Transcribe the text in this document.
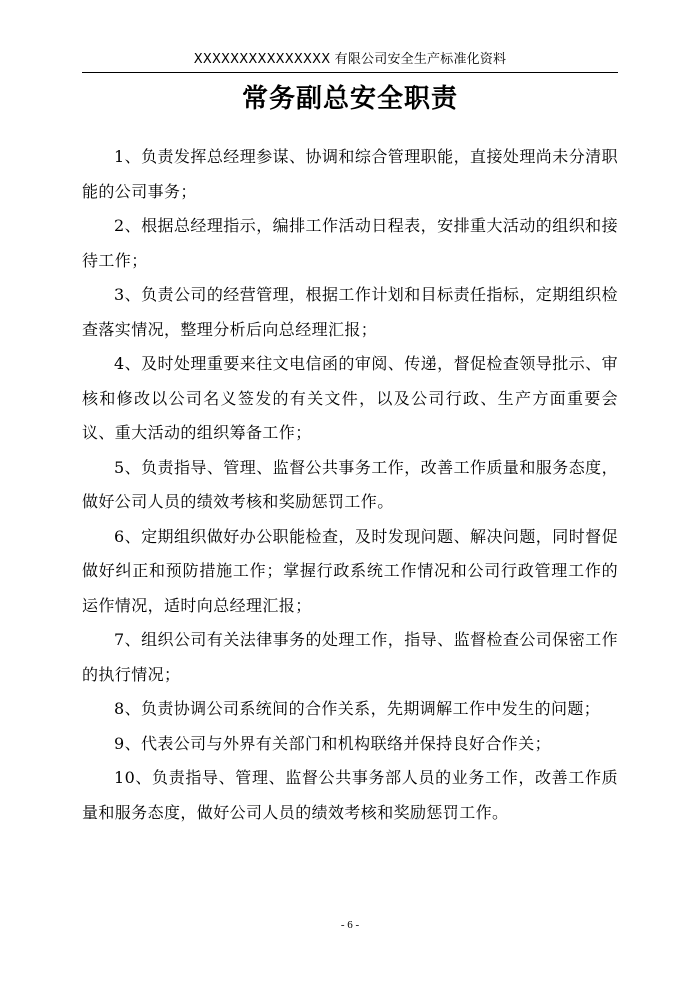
XXXXXXXXXXXXXXX 有限公司安全生产标准化资料
常务副总安全职责

1、负责发挥总经理参谋、协调和综合管理职能，直接处理尚未分清职能的公司事务；

2、根据总经理指示，编排工作活动日程表，安排重大活动的组织和接待工作；

3、负责公司的经营管理，根据工作计划和目标责任指标，定期组织检查落实情况，整理分析后向总经理汇报；

4、及时处理重要来往文电信函的审阅、传递，督促检查领导批示、审核和修改以公司名义签发的有关文件，以及公司行政、生产方面重要会议、重大活动的组织筹备工作；

5、负责指导、管理、监督公共事务工作，改善工作质量和服务态度，做好公司人员的绩效考核和奖励惩罚工作。

6、定期组织做好办公职能检查，及时发现问题、解决问题，同时督促做好纠正和预防措施工作；掌握行政系统工作情况和公司行政管理工作的运作情况，适时向总经理汇报；

7、组织公司有关法律事务的处理工作，指导、监督检查公司保密工作的执行情况；

8、负责协调公司系统间的合作关系，先期调解工作中发生的问题；

9、代表公司与外界有关部门和机构联络并保持良好合作关；

10、负责指导、管理、监督公共事务部人员的业务工作，改善工作质量和服务态度，做好公司人员的绩效考核和奖励惩罚工作。

- 6 -
